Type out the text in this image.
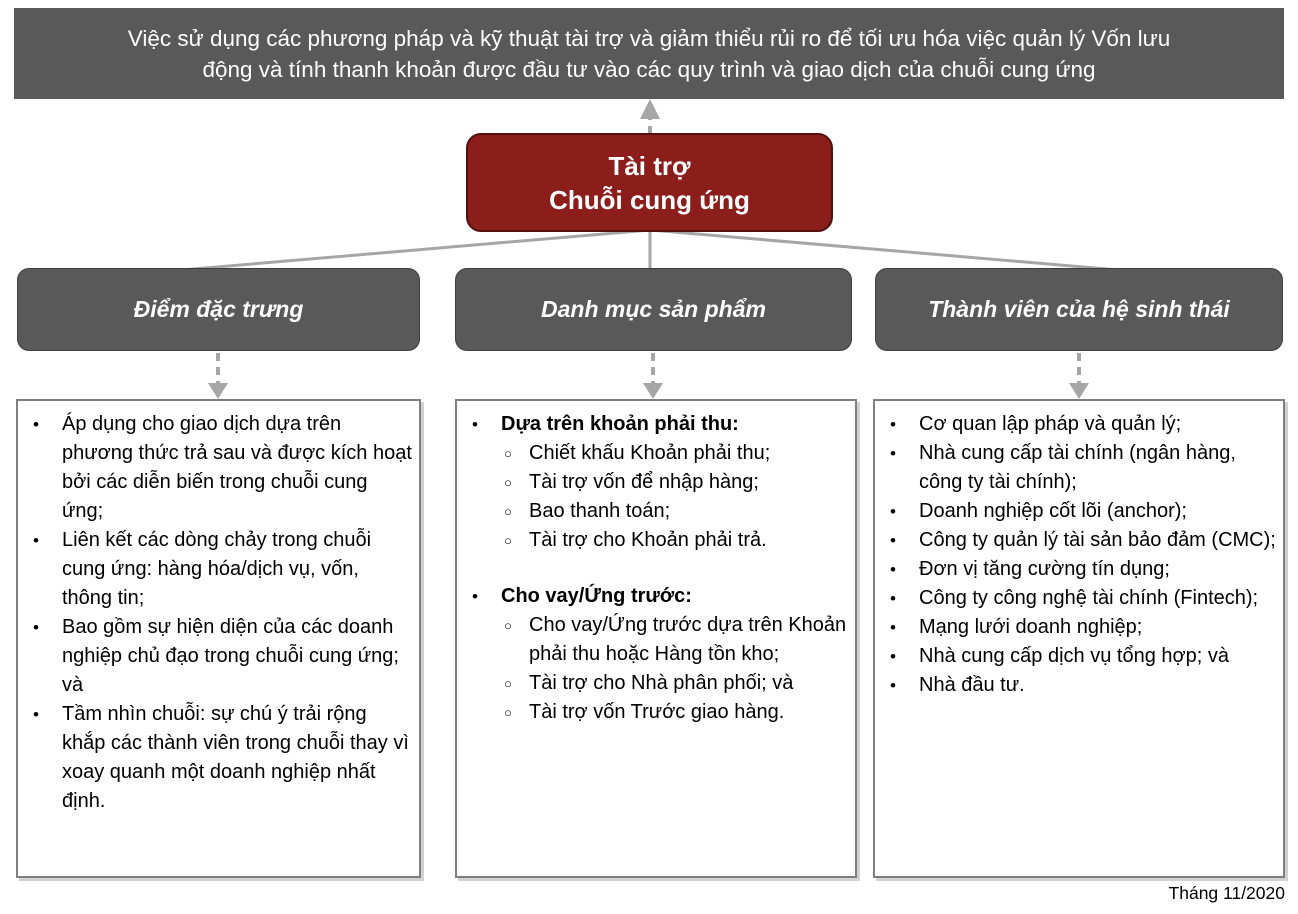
Việc sử dụng các phương pháp và kỹ thuật tài trợ và giảm thiểu rủi ro để tối ưu hóa việc quản lý Vốn lưu
động và tính thanh khoản được đầu tư vào các quy trình và giao dịch của chuỗi cung ứng
Tài trợ
Chuỗi cung ứng
Điểm đặc trưng	Danh mục sản phẩm	Thành viên của hệ sinh thái
•	Áp dụng cho giao dịch dựa trên phương thức trả sau và được kích hoạt bởi các diễn biến trong chuỗi cung ứng;
•	Liên kết các dòng chảy trong chuỗi cung ứng: hàng hóa/dịch vụ, vốn, thông tin;
•	Bao gồm sự hiện diện của các doanh nghiệp chủ đạo trong chuỗi cung ứng; và
•	Tầm nhìn chuỗi: sự chú ý trải rộng khắp các thành viên trong chuỗi thay vì xoay quanh một doanh nghiệp nhất định.
•	Dựa trên khoản phải thu:
○ Chiết khấu Khoản phải thu;
○ Tài trợ vốn để nhập hàng;
○ Bao thanh toán;
○ Tài trợ cho Khoản phải trả.
•	Cho vay/Ứng trước:
○ Cho vay/Ứng trước dựa trên Khoản phải thu hoặc Hàng tồn kho;
○ Tài trợ cho Nhà phân phối; và
○ Tài trợ vốn Trước giao hàng.
•	Cơ quan lập pháp và quản lý;
•	Nhà cung cấp tài chính (ngân hàng, công ty tài chính);
•	Doanh nghiệp cốt lõi (anchor);
•	Công ty quản lý tài sản bảo đảm (CMC);
•	Đơn vị tăng cường tín dụng;
•	Công ty công nghệ tài chính (Fintech);
•	Mạng lưới doanh nghiệp;
•	Nhà cung cấp dịch vụ tổng hợp; và
•	Nhà đầu tư.
Tháng 11/2020
